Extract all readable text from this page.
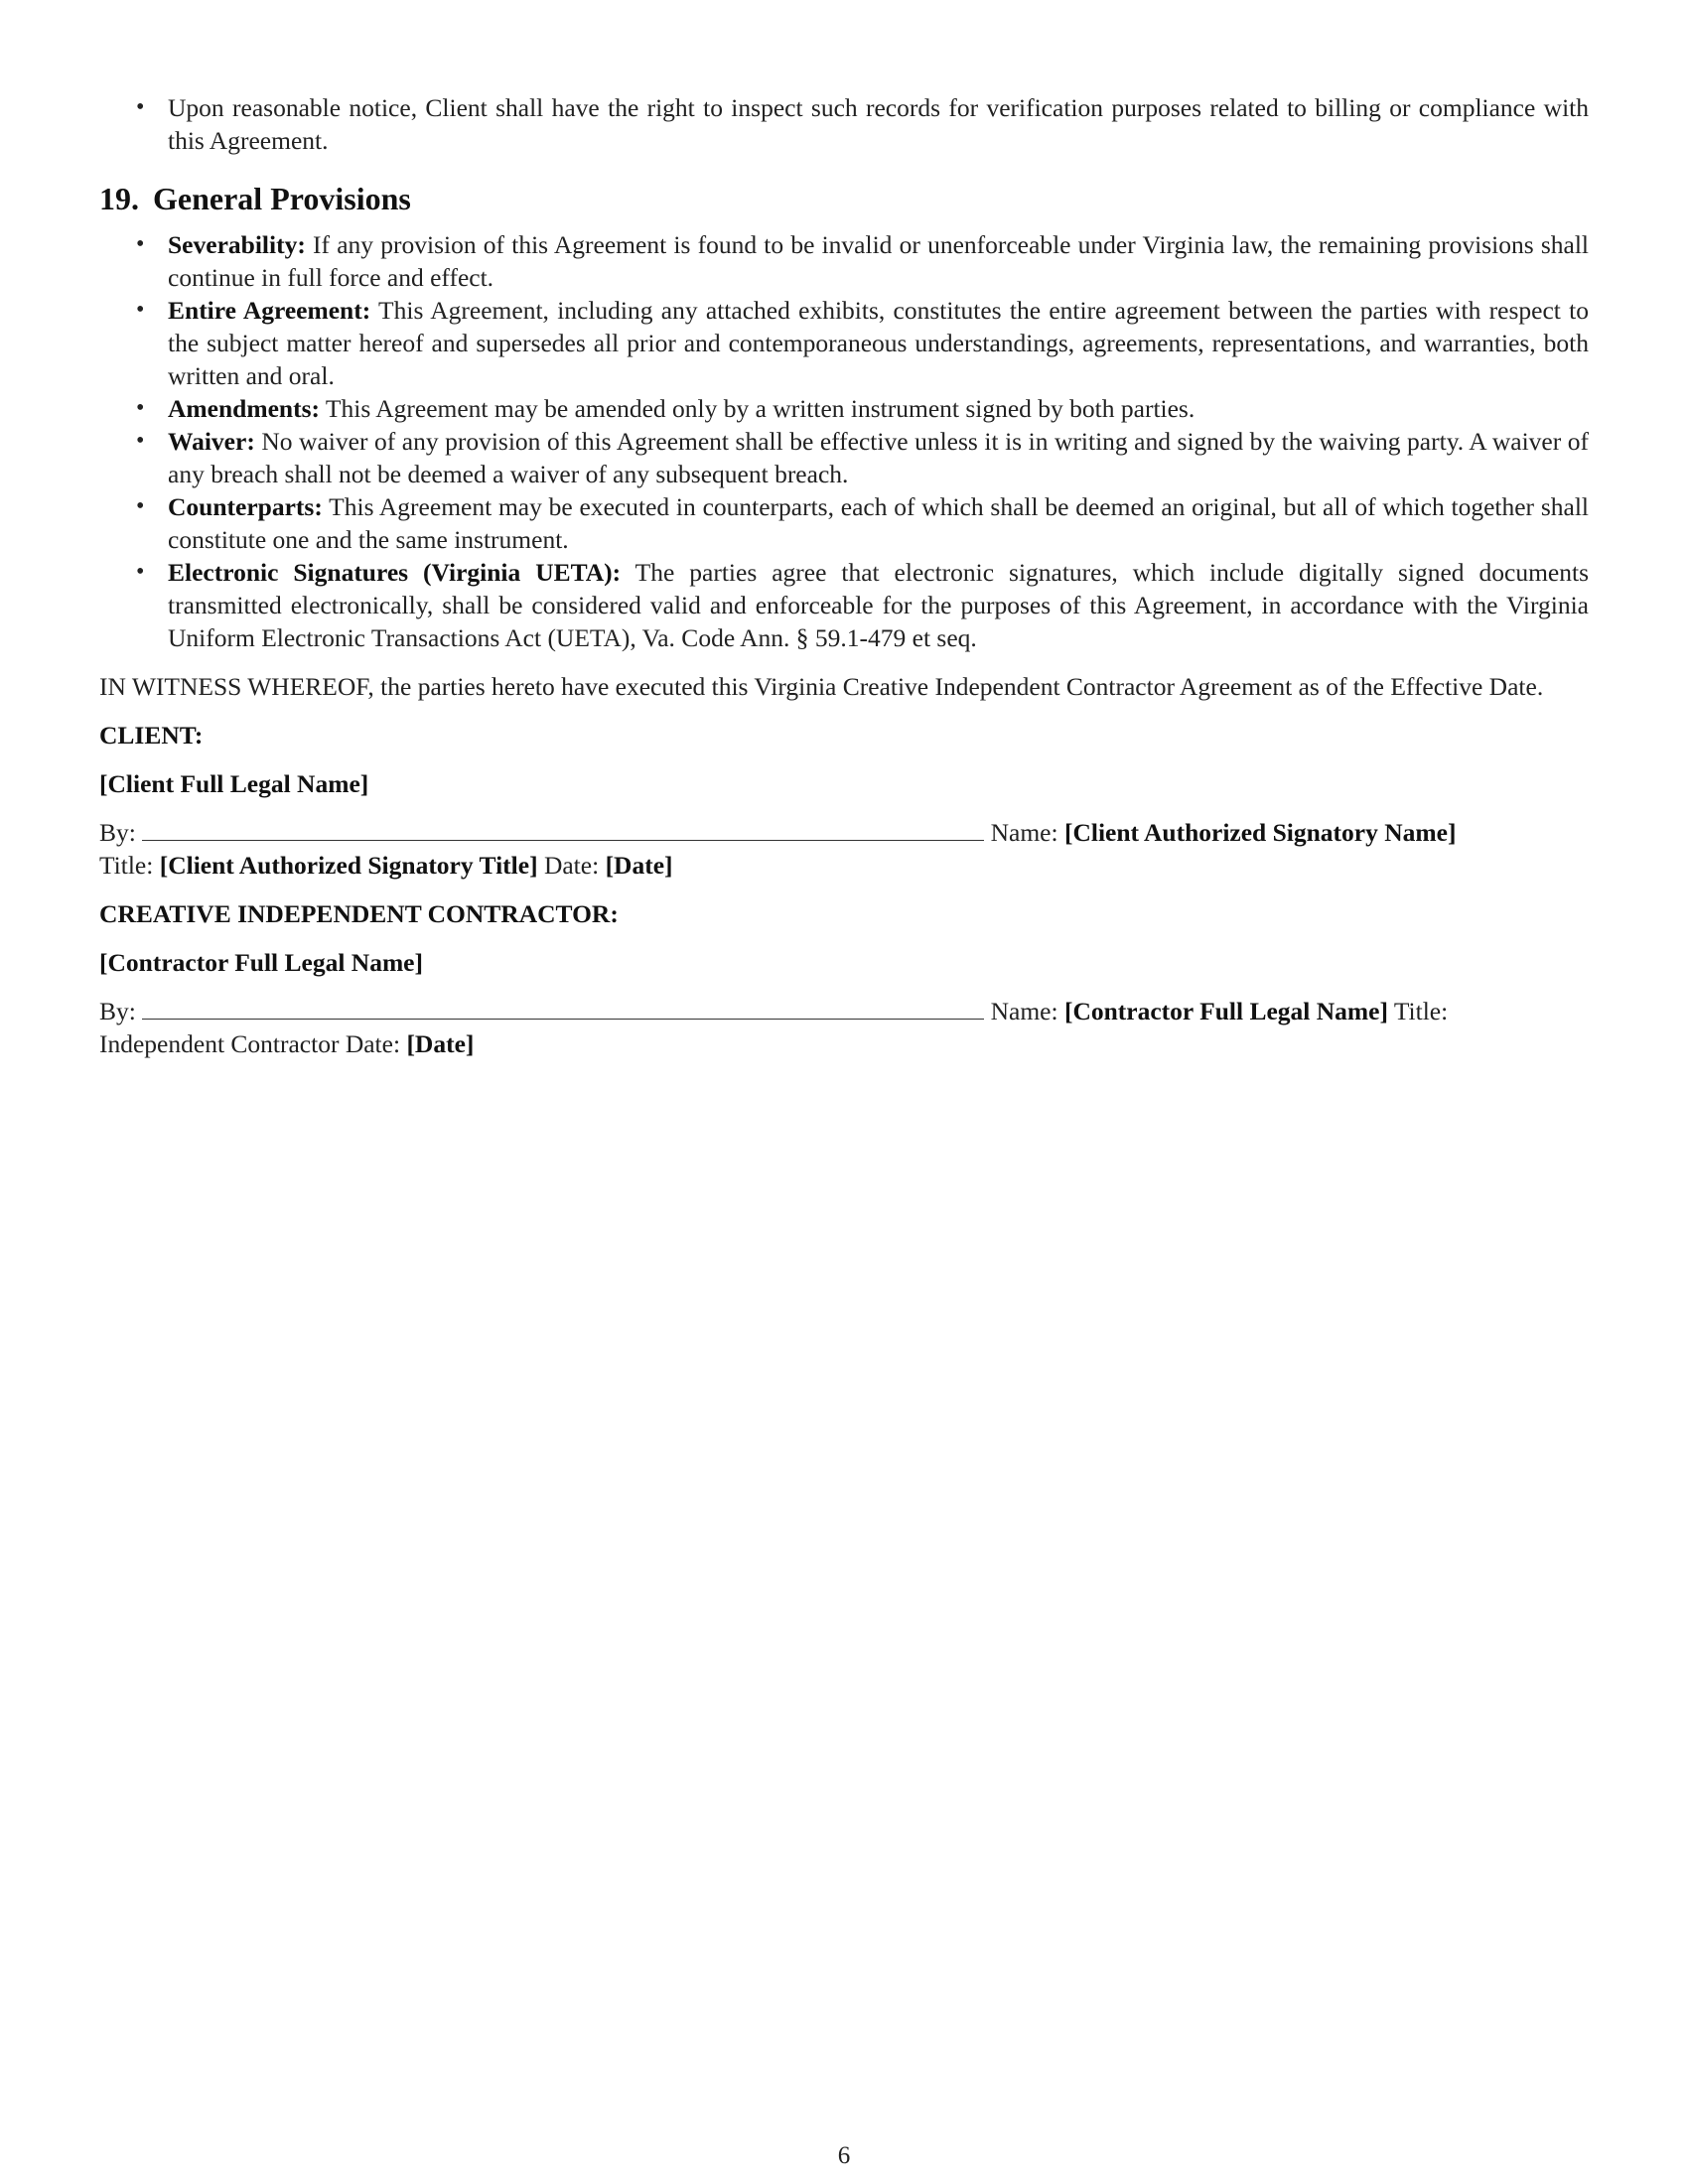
• Upon reasonable notice, Client shall have the right to inspect such records for verification purposes related to billing or compliance with this Agreement.
19. General Provisions
• Severability: If any provision of this Agreement is found to be invalid or unenforceable under Virginia law, the remaining provisions shall continue in full force and effect.
• Entire Agreement: This Agreement, including any attached exhibits, constitutes the entire agreement between the parties with respect to the subject matter hereof and supersedes all prior and contemporaneous understandings, agreements, representations, and warranties, both written and oral.
• Amendments: This Agreement may be amended only by a written instrument signed by both parties.
• Waiver: No waiver of any provision of this Agreement shall be effective unless it is in writing and signed by the waiving party. A waiver of any breach shall not be deemed a waiver of any subsequent breach.
• Counterparts: This Agreement may be executed in counterparts, each of which shall be deemed an original, but all of which together shall constitute one and the same instrument.
• Electronic Signatures (Virginia UETA): The parties agree that electronic signatures, which include digitally signed documents transmitted electronically, shall be considered valid and enforceable for the purposes of this Agreement, in accordance with the Virginia Uniform Electronic Transactions Act (UETA), Va. Code Ann. § 59.1-479 et seq.

IN WITNESS WHEREOF, the parties hereto have executed this Virginia Creative Independent Contractor Agreement as of the Effective Date.

CLIENT:

[Client Full Legal Name]

By:	Name: [Client Authorized Signatory Name]
Title: [Client Authorized Signatory Title] Date: [Date]

CREATIVE INDEPENDENT CONTRACTOR:

[Contractor Full Legal Name]

By:	Name: [Contractor Full Legal Name] Title:
Independent Contractor Date: [Date]

6
